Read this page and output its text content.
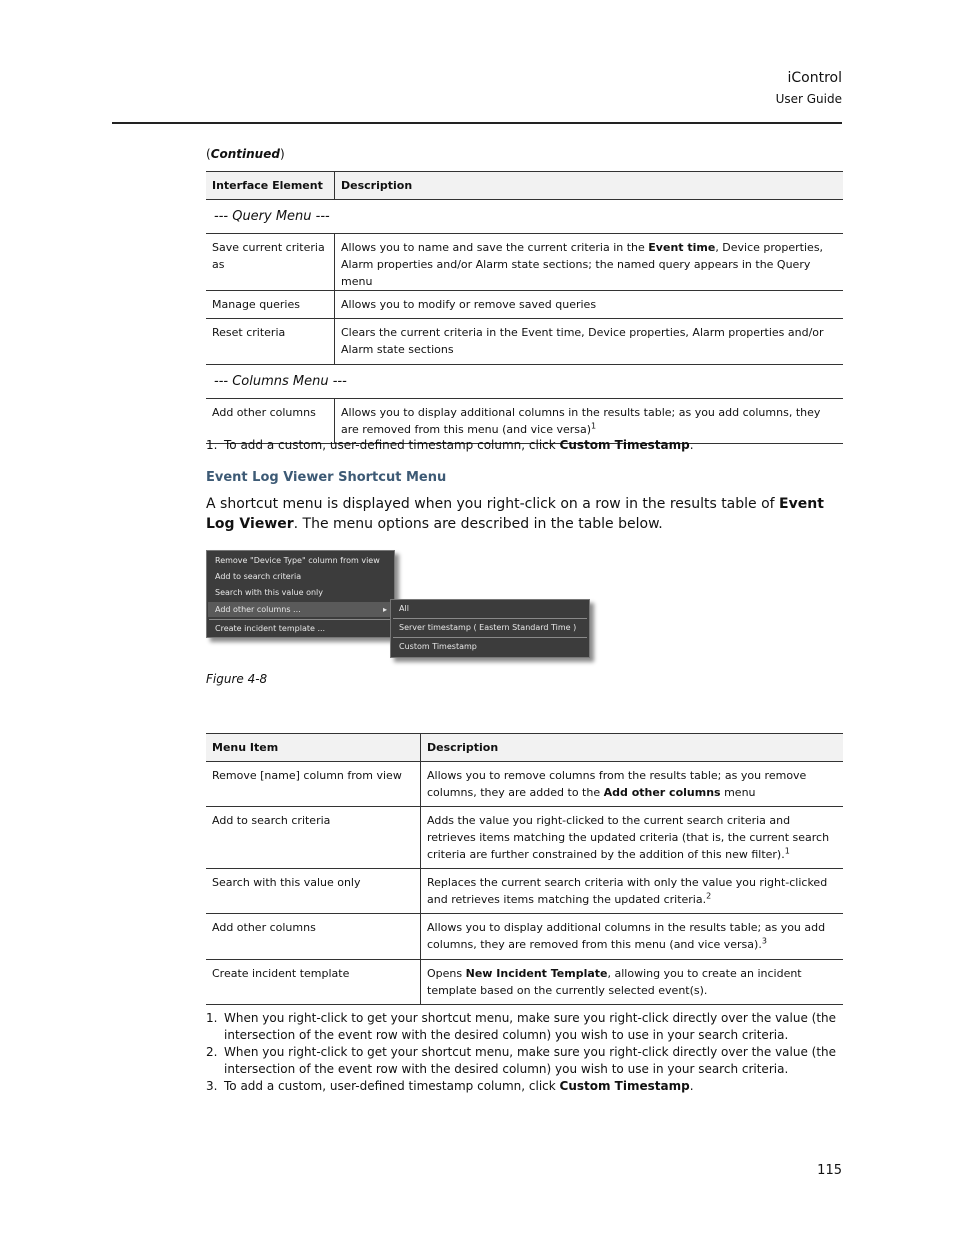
iControl
User Guide
(Continued)
Interface Element	Description
--- Query Menu ---	
Save current criteria as	Allows you to name and save the current criteria in the Event time, Device properties, Alarm properties and/or Alarm state sections; the named query appears in the Query menu
Manage queries	Allows you to modify or remove saved queries
Reset criteria	Clears the current criteria in the Event time, Device properties, Alarm properties and/or Alarm state sections
--- Columns Menu ---	
Add other columns	Allows you to display additional columns in the results table; as you add columns, they are removed from this menu (and vice versa)$^1$
1. To add a custom, user-defined timestamp column, click Custom Timestamp.
Event Log Viewer Shortcut Menu
A shortcut menu is displayed when you right-click on a row in the results table of Event Log Viewer. The menu options are described in the table below.
Remove "Device Type" column from view
Add to search criteria
Search with this value only
Add other columns ...	▸
Create incident template ...
All
Server timestamp ( Eastern Standard Time )
Custom Timestamp
Figure 4-8
Menu Item	Description
Remove [name] column from view	Allows you to remove columns from the results table; as you remove columns, they are added to the Add other columns menu
Add to search criteria	Adds the value you right-clicked to the current search criteria and retrieves items matching the updated criteria (that is, the current search criteria are further constrained by the addition of this new filter).$^1$
Search with this value only	Replaces the current search criteria with only the value you right-clicked and retrieves items matching the updated criteria.$^2$
Add other columns	Allows you to display additional columns in the results table; as you add columns, they are removed from this menu (and vice versa).$^3$
Create incident template	Opens New Incident Template, allowing you to create an incident template based on the currently selected event(s).
1. When you right-click to get your shortcut menu, make sure you right-click directly over the value (the intersection of the event row with the desired column) you wish to use in your search criteria.
2. When you right-click to get your shortcut menu, make sure you right-click directly over the value (the intersection of the event row with the desired column) you wish to use in your search criteria.
3. To add a custom, user-defined timestamp column, click Custom Timestamp.
115
